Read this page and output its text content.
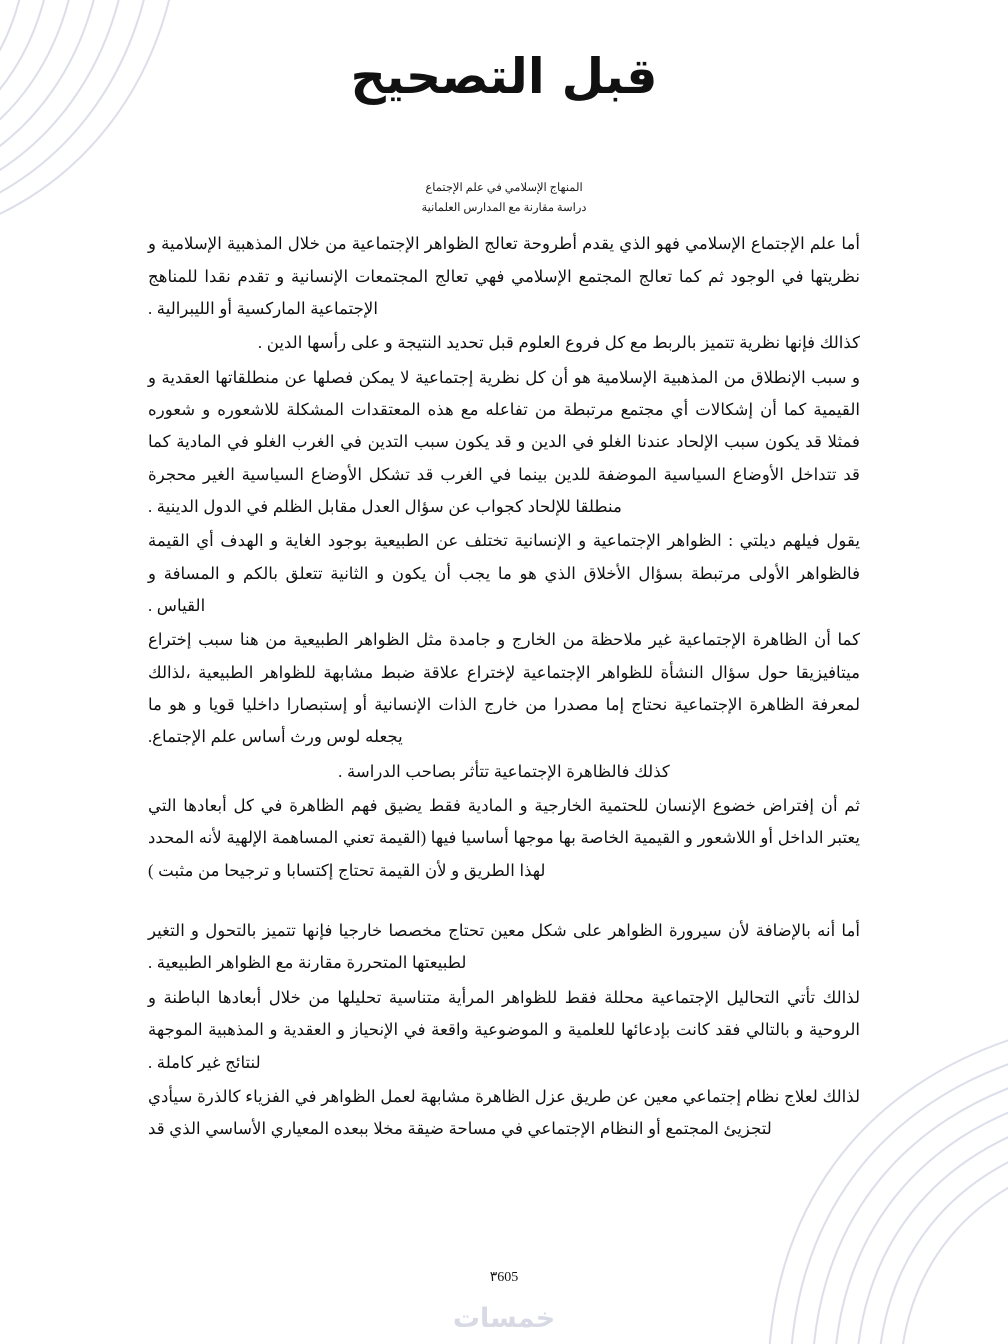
قبل التصحيح
المنهاج الإسلامي في علم الإجتماع
دراسة مقارنة مع المدارس العلمانية

أما علم الإجتماع الإسلامي فهو الذي يقدم أطروحة تعالج الظواهر الإجتماعية من خلال المذهبية الإسلامية و نظريتها في الوجود ثم كما تعالج المجتمع الإسلامي فهي تعالج المجتمعات الإنسانية و تقدم نقدا للمناهج الإجتماعية الماركسية أو الليبرالية .

كذالك فإنها نظرية تتميز بالربط مع كل فروع العلوم قبل تحديد النتيجة و على رأسها الدين .

و سبب الإنطلاق من المذهبية الإسلامية هو أن كل نظرية إجتماعية لا يمكن فصلها عن منطلقاتها العقدية و القيمية كما أن إشكالات أي مجتمع مرتبطة من تفاعله مع هذه المعتقدات المشكلة للاشعوره و شعوره فمثلا قد يكون سبب الإلحاد عندنا الغلو في الدين و قد يكون سبب التدين في الغرب الغلو في المادية كما قد تتداخل الأوضاع السياسية الموضفة للدين بينما في الغرب قد تشكل الأوضاع السياسية الغير محجرة منطلقا للإلحاد كجواب عن سؤال العدل مقابل الظلم في الدول الدينية .

يقول فيلهم ديلتي : الظواهر الإجتماعية و الإنسانية تختلف عن الطبيعية بوجود الغاية و الهدف أي القيمة فالظواهر الأولى مرتبطة بسؤال الأخلاق الذي هو ما يجب أن يكون و الثانية تتعلق بالكم و المسافة و القياس .

كما أن الظاهرة الإجتماعية غير ملاحظة من الخارج و جامدة مثل الظواهر الطبيعية من هنا سبب إختراع ميتافيزيقا حول سؤال النشأة للظواهر الإجتماعية لإختراع علاقة ضبط مشابهة للظواهر الطبيعية ،لذالك لمعرفة الظاهرة الإجتماعية نحتاج إما مصدرا من خارج الذات الإنسانية أو إستبصارا داخليا قويا و هو ما يجعله لوس ورث أساس علم الإجتماع.

كذلك فالظاهرة الإجتماعية تتأثر بصاحب الدراسة .

ثم أن إفتراض خضوع الإنسان للحتمية الخارجية و المادية فقط يضيق فهم الظاهرة في كل أبعادها التي يعتبر الداخل أو اللاشعور و القيمية الخاصة بها موجها أساسيا فيها (القيمة تعني المساهمة الإلهية لأنه المحدد لهذا الطريق و لأن القيمة تحتاج إكتسابا و ترجيحا من مثبت )

أما أنه بالإضافة لأن سيرورة الظواهر على شكل معين تحتاج مخصصا خارجيا فإنها تتميز بالتحول و التغير لطبيعتها المتحررة مقارنة مع الظواهر الطبيعية .

لذالك تأتي التحاليل الإجتماعية محللة فقط للظواهر المرأية متناسية تحليلها من خلال أبعادها الباطنة و الروحية و بالتالي فقد كانت بإدعائها للعلمية و الموضوعية واقعة في الإنحياز و العقدية و المذهبية الموجهة لنتائج غير كاملة .

لذالك لعلاج نظام إجتماعي معين عن طريق عزل الظاهرة مشابهة لعمل الظواهر في الفزياء كالذرة سيأدي لتجزيئ المجتمع أو النظام الإجتماعي في مساحة ضيقة مخلا ببعده المعياري الأساسي الذي قد

٣605
خمسات
